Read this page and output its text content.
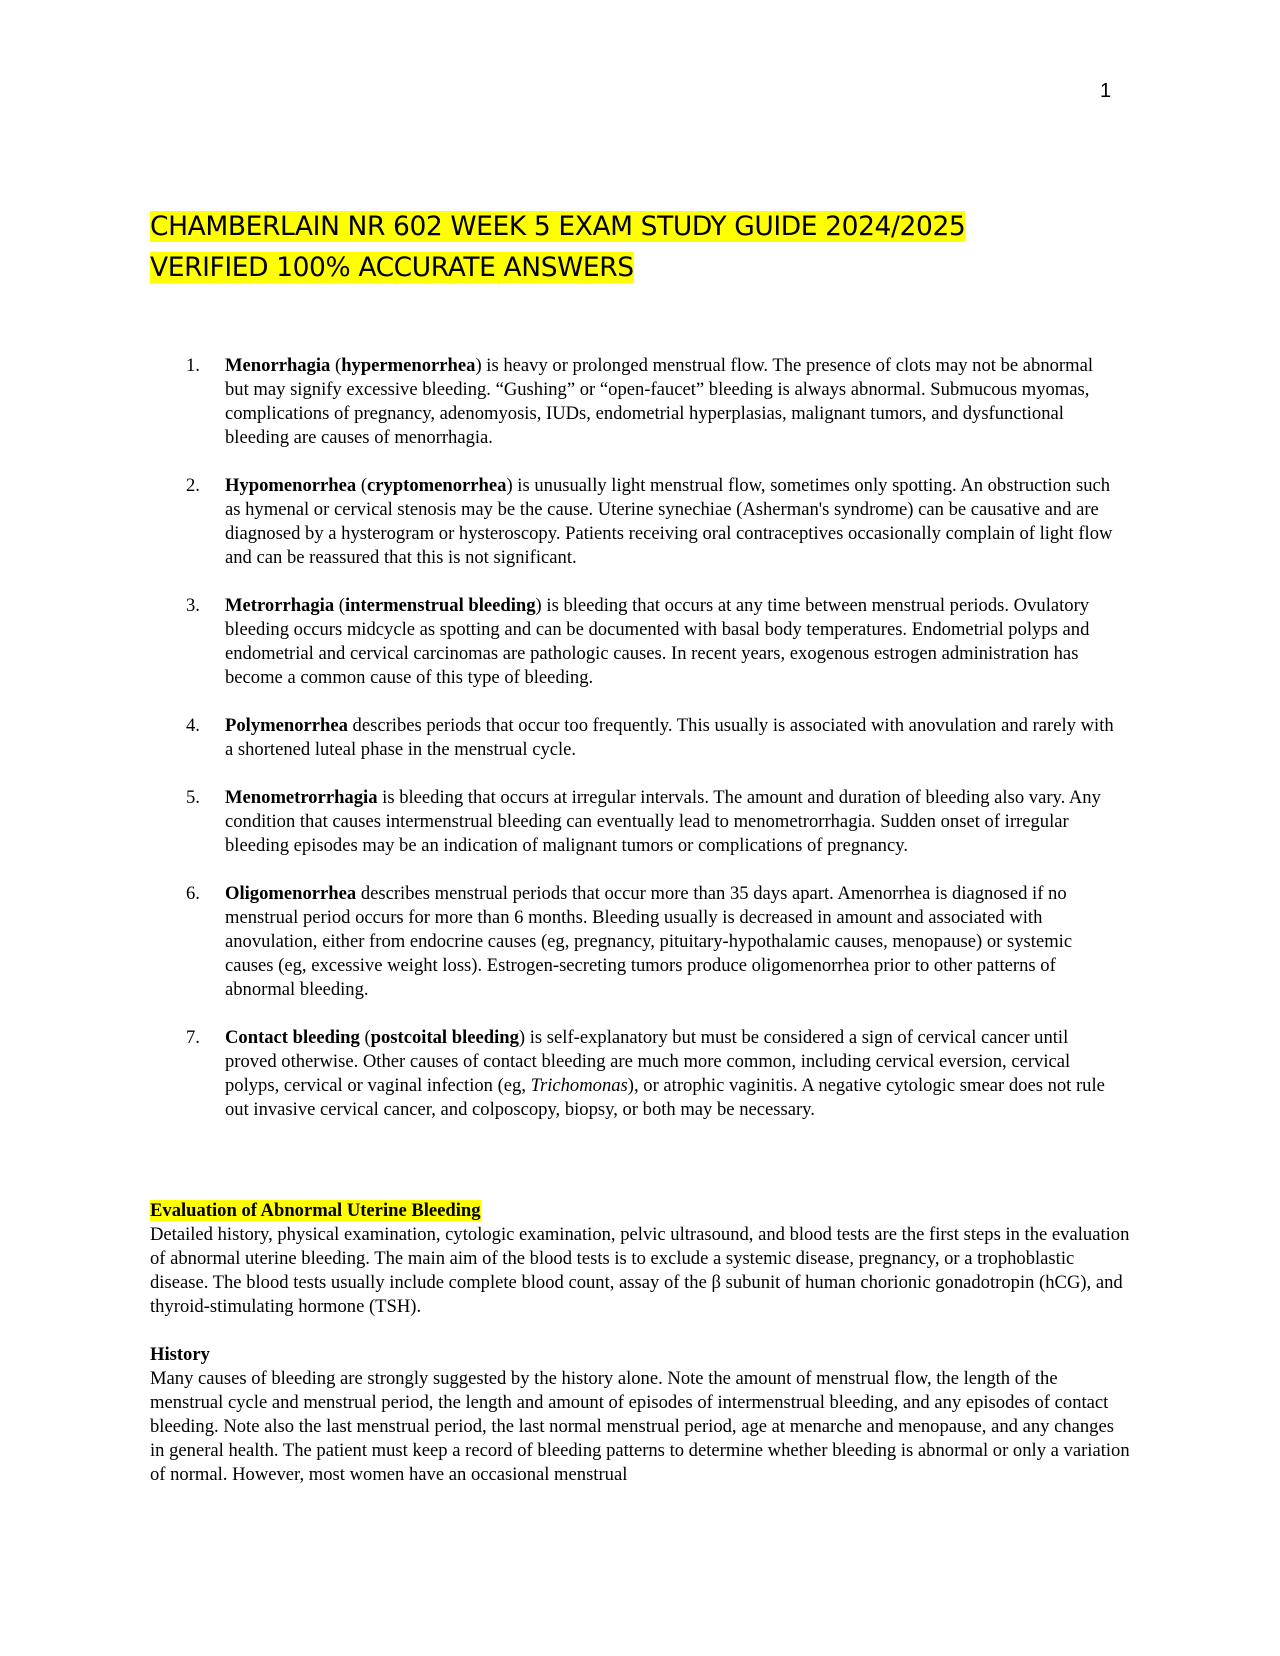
1
CHAMBERLAIN NR 602 WEEK 5 EXAM STUDY GUIDE 2024/2025
VERIFIED 100% ACCURATE ANSWERS
1. Menorrhagia (hypermenorrhea) is heavy or prolonged menstrual flow. The presence of clots may not be abnormal but may signify excessive bleeding. “Gushing” or “open-faucet” bleeding is always abnormal. Submucous myomas, complications of pregnancy, adenomyosis, IUDs, endometrial hyperplasias, malignant tumors, and dysfunctional bleeding are causes of menorrhagia.
2. Hypomenorrhea (cryptomenorrhea) is unusually light menstrual flow, sometimes only spotting. An obstruction such as hymenal or cervical stenosis may be the cause. Uterine synechiae (Asherman's syndrome) can be causative and are diagnosed by a hysterogram or hysteroscopy. Patients receiving oral contraceptives occasionally complain of light flow and can be reassured that this is not significant.
3. Metrorrhagia (intermenstrual bleeding) is bleeding that occurs at any time between menstrual periods. Ovulatory bleeding occurs midcycle as spotting and can be documented with basal body temperatures. Endometrial polyps and endometrial and cervical carcinomas are pathologic causes. In recent years, exogenous estrogen administration has become a common cause of this type of bleeding.
4. Polymenorrhea describes periods that occur too frequently. This usually is associated with anovulation and rarely with a shortened luteal phase in the menstrual cycle.
5. Menometrorrhagia is bleeding that occurs at irregular intervals. The amount and duration of bleeding also vary. Any condition that causes intermenstrual bleeding can eventually lead to menometrorrhagia. Sudden onset of irregular bleeding episodes may be an indication of malignant tumors or complications of pregnancy.
6. Oligomenorrhea describes menstrual periods that occur more than 35 days apart. Amenorrhea is diagnosed if no menstrual period occurs for more than 6 months. Bleeding usually is decreased in amount and associated with anovulation, either from endocrine causes (eg, pregnancy, pituitary-hypothalamic causes, menopause) or systemic causes (eg, excessive weight loss). Estrogen-secreting tumors produce oligomenorrhea prior to other patterns of abnormal bleeding.
7. Contact bleeding (postcoital bleeding) is self-explanatory but must be considered a sign of cervical cancer until proved otherwise. Other causes of contact bleeding are much more common, including cervical eversion, cervical polyps, cervical or vaginal infection (eg, Trichomonas), or atrophic vaginitis. A negative cytologic smear does not rule out invasive cervical cancer, and colposcopy, biopsy, or both may be necessary.
Evaluation of Abnormal Uterine Bleeding

Detailed history, physical examination, cytologic examination, pelvic ultrasound, and blood tests are the first steps in the evaluation of abnormal uterine bleeding. The main aim of the blood tests is to exclude a systemic disease, pregnancy, or a trophoblastic disease. The blood tests usually include complete blood count, assay of the β subunit of human chorionic gonadotropin (hCG), and thyroid-stimulating hormone (TSH).

History

Many causes of bleeding are strongly suggested by the history alone. Note the amount of menstrual flow, the length of the menstrual cycle and menstrual period, the length and amount of episodes of intermenstrual bleeding, and any episodes of contact bleeding. Note also the last menstrual period, the last normal menstrual period, age at menarche and menopause, and any changes in general health. The patient must keep a record of bleeding patterns to determine whether bleeding is abnormal or only a variation of normal. However, most women have an occasional menstrual
